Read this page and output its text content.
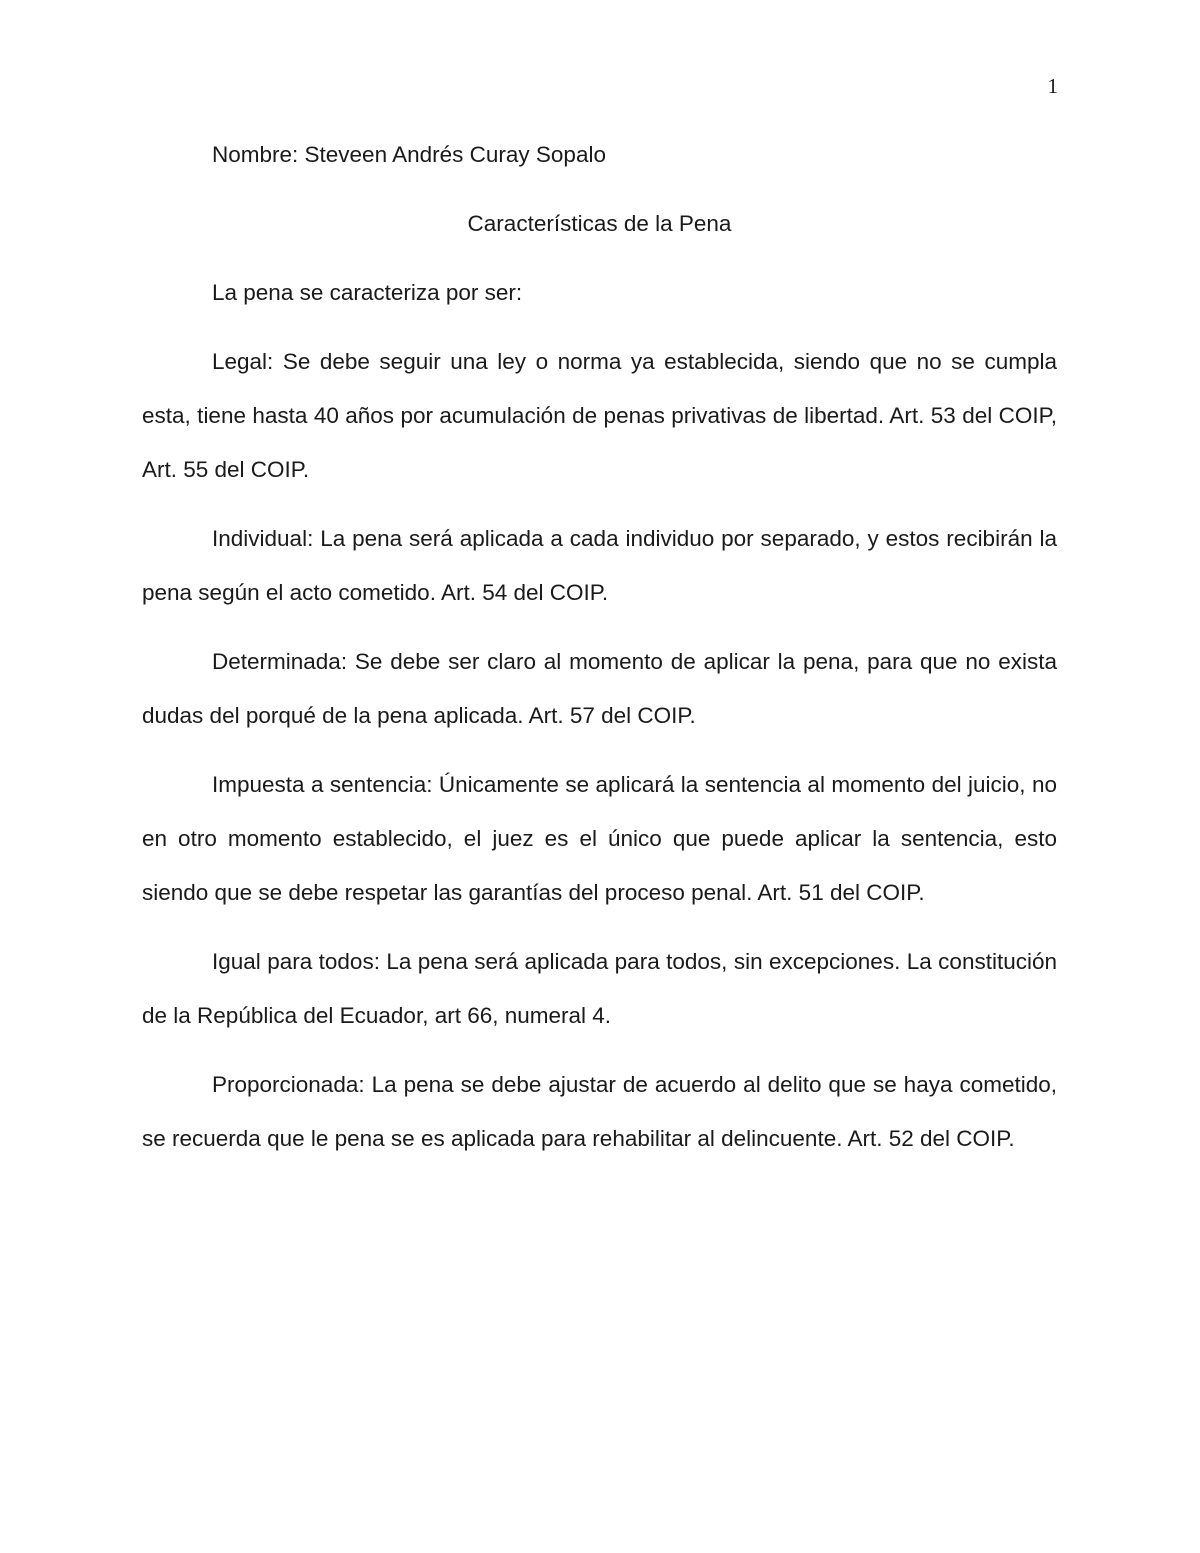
1

Nombre: Steveen Andrés Curay Sopalo

Características de la Pena

La pena se caracteriza por ser:

Legal: Se debe seguir una ley o norma ya establecida, siendo que no se cumpla esta, tiene hasta 40 años por acumulación de penas privativas de libertad. Art. 53 del COIP, Art. 55 del COIP.

Individual: La pena será aplicada a cada individuo por separado, y estos recibirán la pena según el acto cometido. Art. 54 del COIP.

Determinada: Se debe ser claro al momento de aplicar la pena, para que no exista dudas del porqué de la pena aplicada. Art. 57 del COIP.

Impuesta a sentencia: Únicamente se aplicará la sentencia al momento del juicio, no en otro momento establecido, el juez es el único que puede aplicar la sentencia, esto siendo que se debe respetar las garantías del proceso penal. Art. 51 del COIP.

Igual para todos: La pena será aplicada para todos, sin excepciones. La constitución de la República del Ecuador, art 66, numeral 4.

Proporcionada: La pena se debe ajustar de acuerdo al delito que se haya cometido, se recuerda que le pena se es aplicada para rehabilitar al delincuente. Art. 52 del COIP.
